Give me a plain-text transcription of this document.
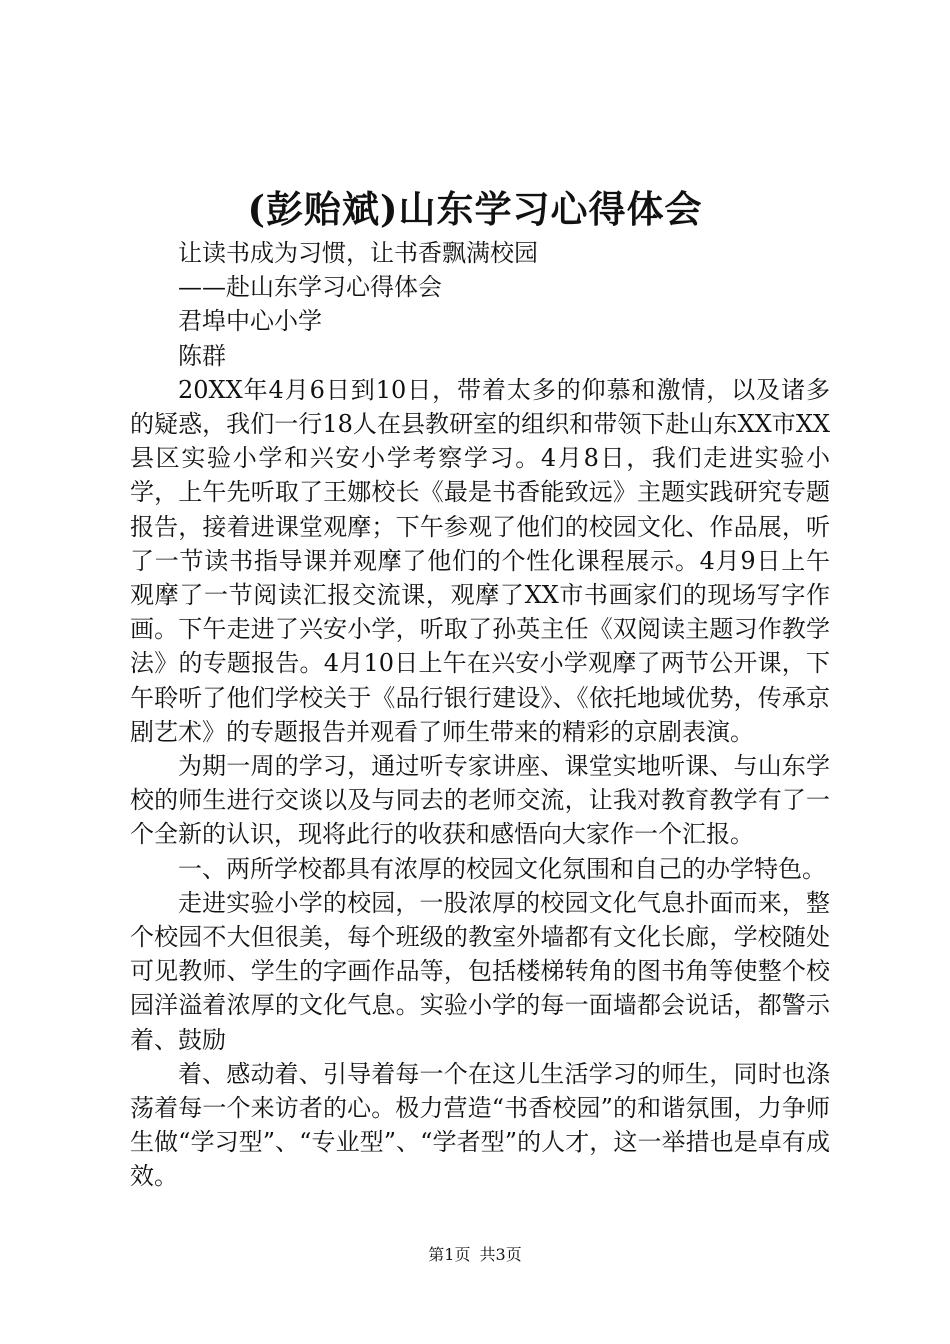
(彭贻斌)山东学习心得体会

让读书成为习惯，让书香飘满校园

——赴山东学习心得体会

君埠中心小学

陈群

20XX年4月6日到10日，带着太多的仰慕和激情，以及诸多的疑惑，我们一行18人在县教研室的组织和带领下赴山东XX市XX县区实验小学和兴安小学考察学习。4月8日，我们走进实验小学，上午先听取了王娜校长《最是书香能致远》主题实践研究专题报告，接着进课堂观摩；下午参观了他们的校园文化、作品展，听了一节读书指导课并观摩了他们的个性化课程展示。4月9日上午观摩了一节阅读汇报交流课，观摩了XX市书画家们的现场写字作画。下午走进了兴安小学，听取了孙英主任《双阅读主题习作教学法》的专题报告。4月10日上午在兴安小学观摩了两节公开课，下午聆听了他们学校关于《品行银行建设》、《依托地域优势，传承京剧艺术》的专题报告并观看了师生带来的精彩的京剧表演。

为期一周的学习，通过听专家讲座、课堂实地听课、与山东学校的师生进行交谈以及与同去的老师交流，让我对教育教学有了一个全新的认识，现将此行的收获和感悟向大家作一个汇报。

一、两所学校都具有浓厚的校园文化氛围和自己的办学特色。

走进实验小学的校园，一股浓厚的校园文化气息扑面而来，整个校园不大但很美，每个班级的教室外墙都有文化长廊，学校随处可见教师、学生的字画作品等，包括楼梯转角的图书角等使整个校园洋溢着浓厚的文化气息。实验小学的每一面墙都会说话，都警示着、鼓励

着、感动着、引导着每一个在这儿生活学习的师生，同时也涤荡着每一个来访者的心。极力营造“书香校园”的和谐氛围，力争师生做“学习型”、“专业型”、“学者型”的人才，这一举措也是卓有成效。

第1页 共3页
